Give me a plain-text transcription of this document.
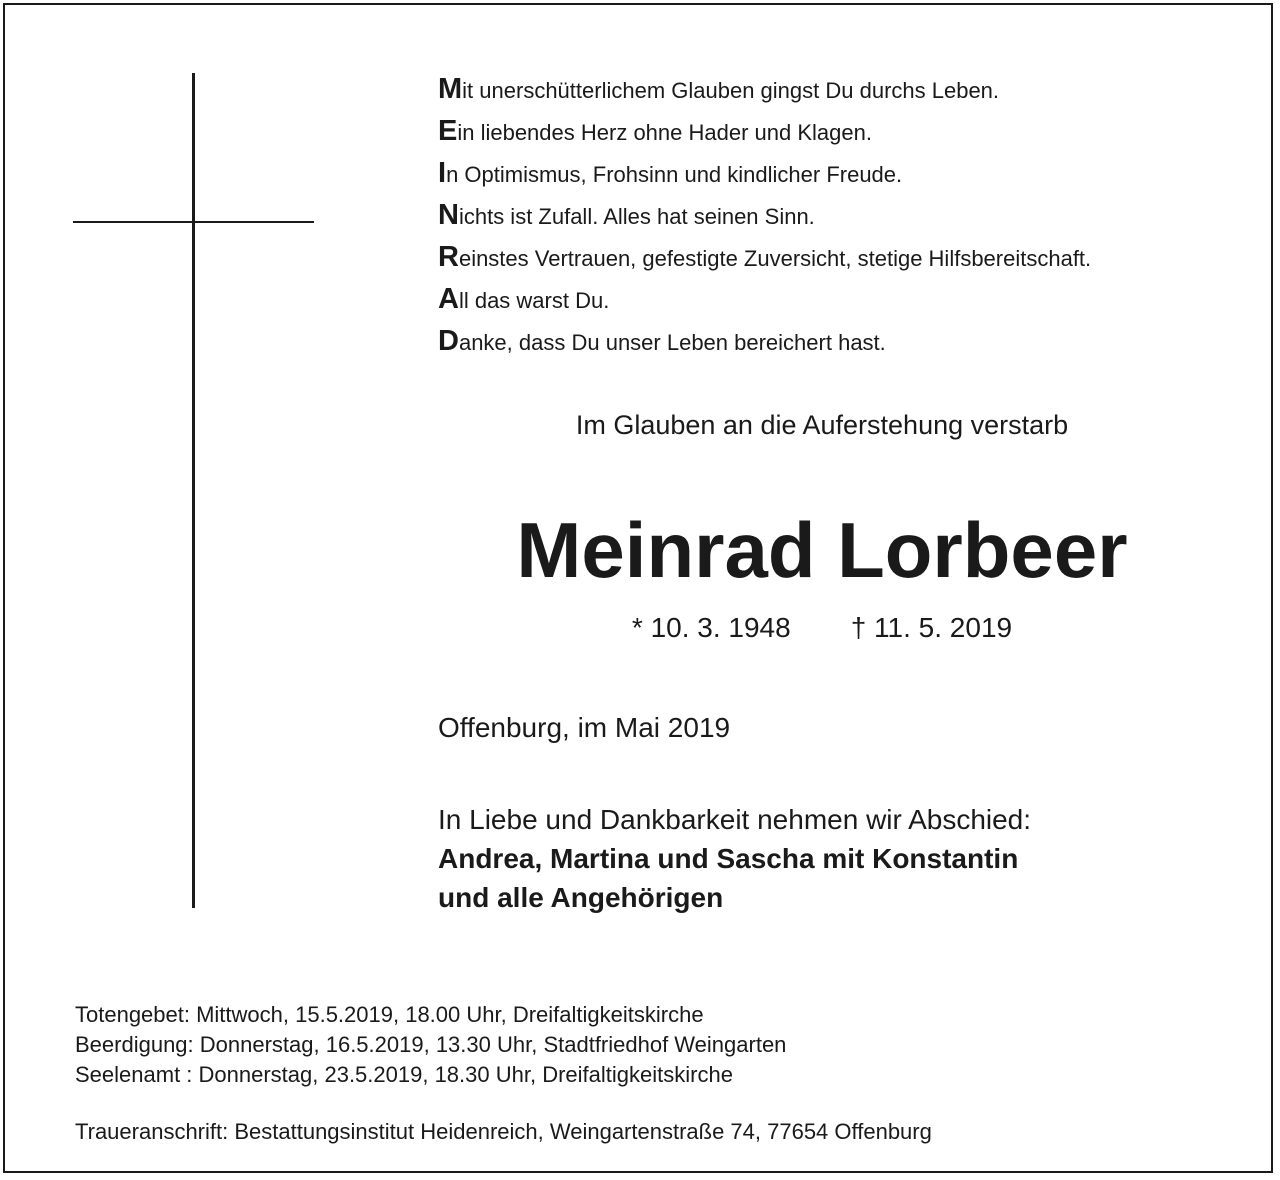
Mit unerschütterlichem Glauben gingst Du durchs Leben.
Ein liebendes Herz ohne Hader und Klagen.
In Optimismus, Frohsinn und kindlicher Freude.
Nichts ist Zufall. Alles hat seinen Sinn.
Reinstes Vertrauen, gefestigte Zuversicht, stetige Hilfsbereitschaft.
All das warst Du.
Danke, dass Du unser Leben bereichert hast.
Im Glauben an die Auferstehung verstarb
Meinrad Lorbeer
* 10. 3. 1948 † 11. 5. 2019
Offenburg, im Mai 2019
In Liebe und Dankbarkeit nehmen wir Abschied:
Andrea, Martina und Sascha mit Konstantin
und alle Angehörigen
Totengebet: Mittwoch, 15.5.2019, 18.00 Uhr, Dreifaltigkeitskirche
Beerdigung: Donnerstag, 16.5.2019, 13.30 Uhr, Stadtfriedhof Weingarten
Seelenamt : Donnerstag, 23.5.2019, 18.30 Uhr, Dreifaltigkeitskirche
Traueranschrift: Bestattungsinstitut Heidenreich, Weingartenstraße 74, 77654 Offenburg
